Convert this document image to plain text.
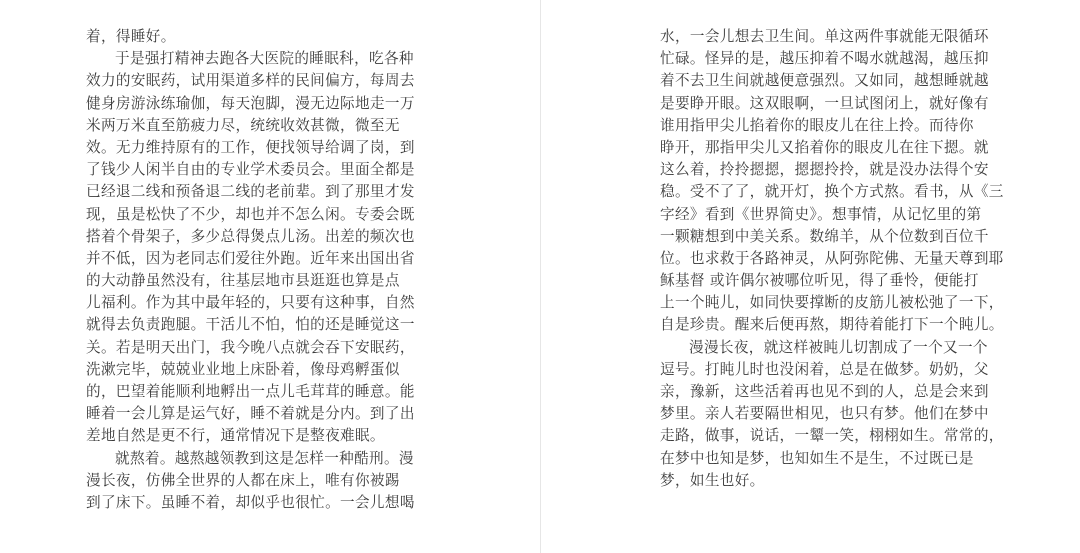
着，得睡好。
于是强打精神去跑各大医院的睡眠科，吃各种
效力的安眠药，试用渠道多样的民间偏方，每周去
健身房游泳练瑜伽，每天泡脚，漫无边际地走一万
米两万米直至筋疲力尽，统统收效甚微，微至无
效。无力维持原有的工作，便找领导给调了岗，到
了钱少人闲半自由的专业学术委员会。里面全都是
已经退二线和预备退二线的老前辈。到了那里才发
现，虽是松快了不少，却也并不怎么闲。专委会既
搭着个骨架子，多少总得煲点儿汤。出差的频次也
并不低，因为老同志们爱往外跑。近年来出国出省
的大动静虽然没有，往基层地市县逛逛也算是点
儿福利。作为其中最年轻的，只要有这种事，自然
就得去负责跑腿。干活儿不怕，怕的还是睡觉这一
关。若是明天出门，我今晚八点就会吞下安眠药，
洗漱完毕，兢兢业业地上床卧着，像母鸡孵蛋似
的，巴望着能顺利地孵出一点儿毛茸茸的睡意。能
睡着一会儿算是运气好，睡不着就是分内。到了出
差地自然是更不行，通常情况下是整夜难眠。
就熬着。越熬越领教到这是怎样一种酷刑。漫
漫长夜，仿佛全世界的人都在床上，唯有你被踢
到了床下。虽睡不着，却似乎也很忙。一会儿想喝
水，一会儿想去卫生间。单这两件事就能无限循环
忙碌。怪异的是，越压抑着不喝水就越渴，越压抑
着不去卫生间就越便意强烈。又如同，越想睡就越
是要睁开眼。这双眼啊，一旦试图闭上，就好像有
谁用指甲尖儿掐着你的眼皮儿在往上拎。而待你
睁开，那指甲尖儿又掐着你的眼皮儿在往下摁。就
这么着，拎拎摁摁，摁摁拎拎，就是没办法得个安
稳。受不了了，就开灯，换个方式熬。看书，从《三
字经》看到《世界简史》。想事情，从记忆里的第
一颗糖想到中美关系。数绵羊，从个位数到百位千
位。也求救于各路神灵，从阿弥陀佛、无量天尊到耶
稣基督 或许偶尔被哪位听见，得了垂怜，便能打
上一个盹儿，如同快要撑断的皮筋儿被松弛了一下，
自是珍贵。醒来后便再熬，期待着能打下一个盹儿。
漫漫长夜，就这样被盹儿切割成了一个又一个
逗号。打盹儿时也没闲着，总是在做梦。奶奶，父
亲，豫新，这些活着再也见不到的人，总是会来到
梦里。亲人若要隔世相见，也只有梦。他们在梦中
走路，做事，说话，一颦一笑，栩栩如生。常常的，
在梦中也知是梦，也知如生不是生，不过既已是
梦，如生也好。
